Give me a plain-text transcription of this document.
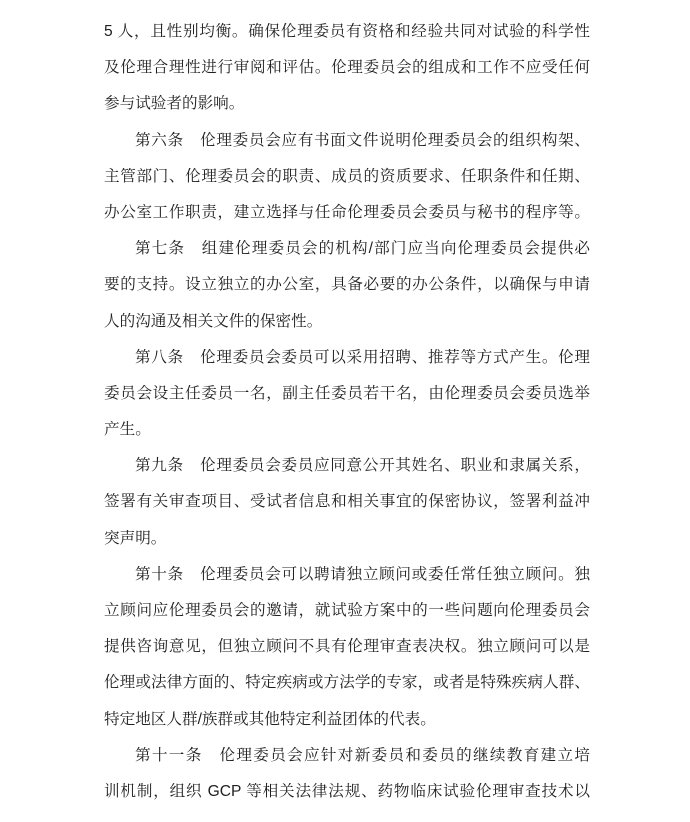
5 人，且性别均衡。确保伦理委员有资格和经验共同对试验的科学性
及伦理合理性进行审阅和评估。伦理委员会的组成和工作不应受任何
参与试验者的影响。
第六条　伦理委员会应有书面文件说明伦理委员会的组织构架、
主管部门、伦理委员会的职责、成员的资质要求、任职条件和任期、
办公室工作职责，建立选择与任命伦理委员会委员与秘书的程序等。
第七条　组建伦理委员会的机构/部门应当向伦理委员会提供必
要的支持。设立独立的办公室，具备必要的办公条件，以确保与申请
人的沟通及相关文件的保密性。
第八条　伦理委员会委员可以采用招聘、推荐等方式产生。伦理
委员会设主任委员一名，副主任委员若干名，由伦理委员会委员选举
产生。
第九条　伦理委员会委员应同意公开其姓名、职业和隶属关系，
签署有关审查项目、受试者信息和相关事宜的保密协议，签署利益冲
突声明。
第十条　伦理委员会可以聘请独立顾问或委任常任独立顾问。独
立顾问应伦理委员会的邀请，就试验方案中的一些问题向伦理委员会
提供咨询意见，但独立顾问不具有伦理审查表决权。独立顾问可以是
伦理或法律方面的、特定疾病或方法学的专家，或者是特殊疾病人群、
特定地区人群/族群或其他特定利益团体的代表。
第十一条　伦理委员会应针对新委员和委员的继续教育建立培
训机制，组织 GCP 等相关法律法规、药物临床试验伦理审查技术以
